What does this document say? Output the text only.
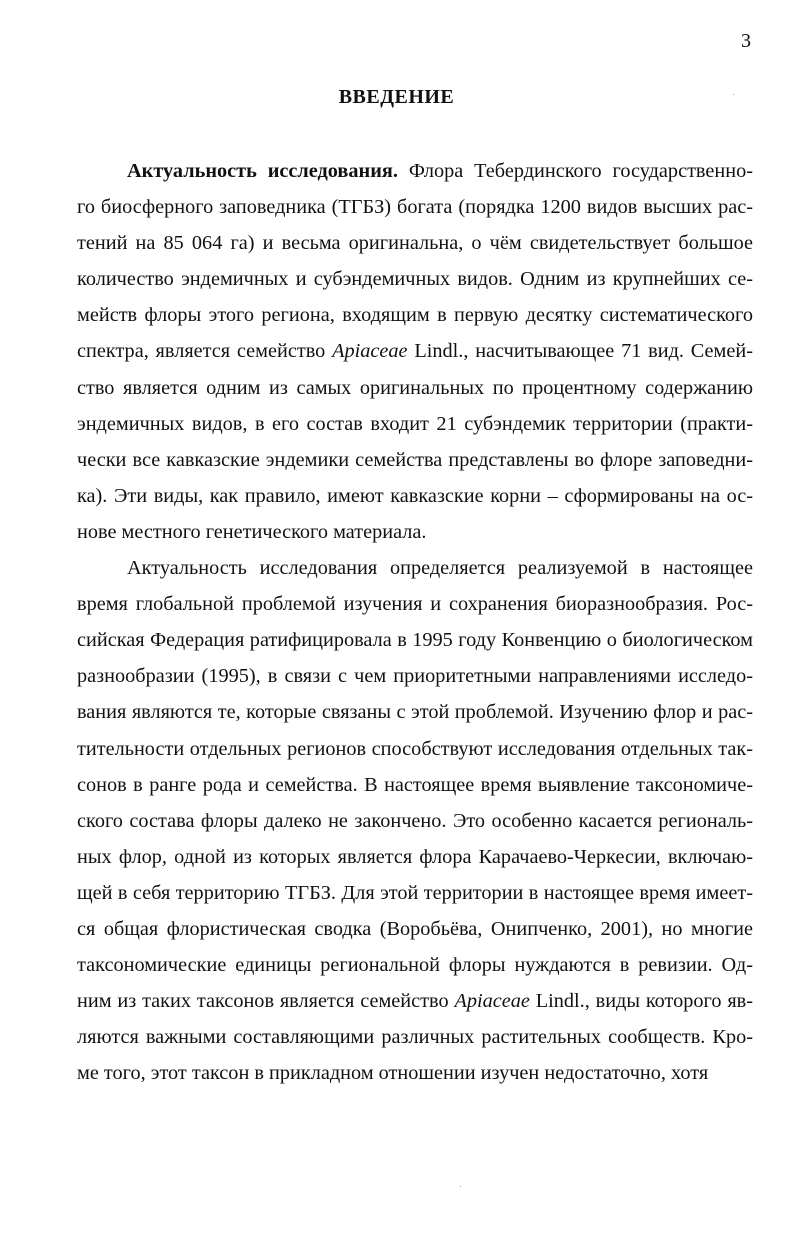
3
ВВЕДЕНИЕ
Актуальность исследования. Флора Тебердинского государственно-
го биосферного заповедника (ТГБЗ) богата (порядка 1200 видов высших рас-
тений на 85 064 га) и весьма оригинальна, о чём свидетельствует большое
количество эндемичных и субэндемичных видов. Одним из крупнейших се-
мейств флоры этого региона, входящим в первую десятку систематического
спектра, является семейство Apiaceae Lindl., насчитывающее 71 вид. Семей-
ство является одним из самых оригинальных по процентному содержанию
эндемичных видов, в его состав входит 21 субэндемик территории (практи-
чески все кавказские эндемики семейства представлены во флоре заповедни-
ка). Эти виды, как правило, имеют кавказские корни – сформированы на ос-
нове местного генетического материала.
Актуальность исследования определяется реализуемой в настоящее
время глобальной проблемой изучения и сохранения биоразнообразия. Рос-
сийская Федерация ратифицировала в 1995 году Конвенцию о биологическом
разнообразии (1995), в связи с чем приоритетными направлениями исследо-
вания являются те, которые связаны с этой проблемой. Изучению флор и рас-
тительности отдельных регионов способствуют исследования отдельных так-
сонов в ранге рода и семейства. В настоящее время выявление таксономиче-
ского состава флоры далеко не закончено. Это особенно касается региональ-
ных флор, одной из которых является флора Карачаево-Черкесии, включаю-
щей в себя территорию ТГБЗ. Для этой территории в настоящее время имеет-
ся общая флористическая сводка (Воробьёва, Онипченко, 2001), но многие
таксономические единицы региональной флоры нуждаются в ревизии. Од-
ним из таких таксонов является семейство Apiaceae Lindl., виды которого яв-
ляются важными составляющими различных растительных сообществ. Кро-
ме того, этот таксон в прикладном отношении изучен недостаточно, хотя
